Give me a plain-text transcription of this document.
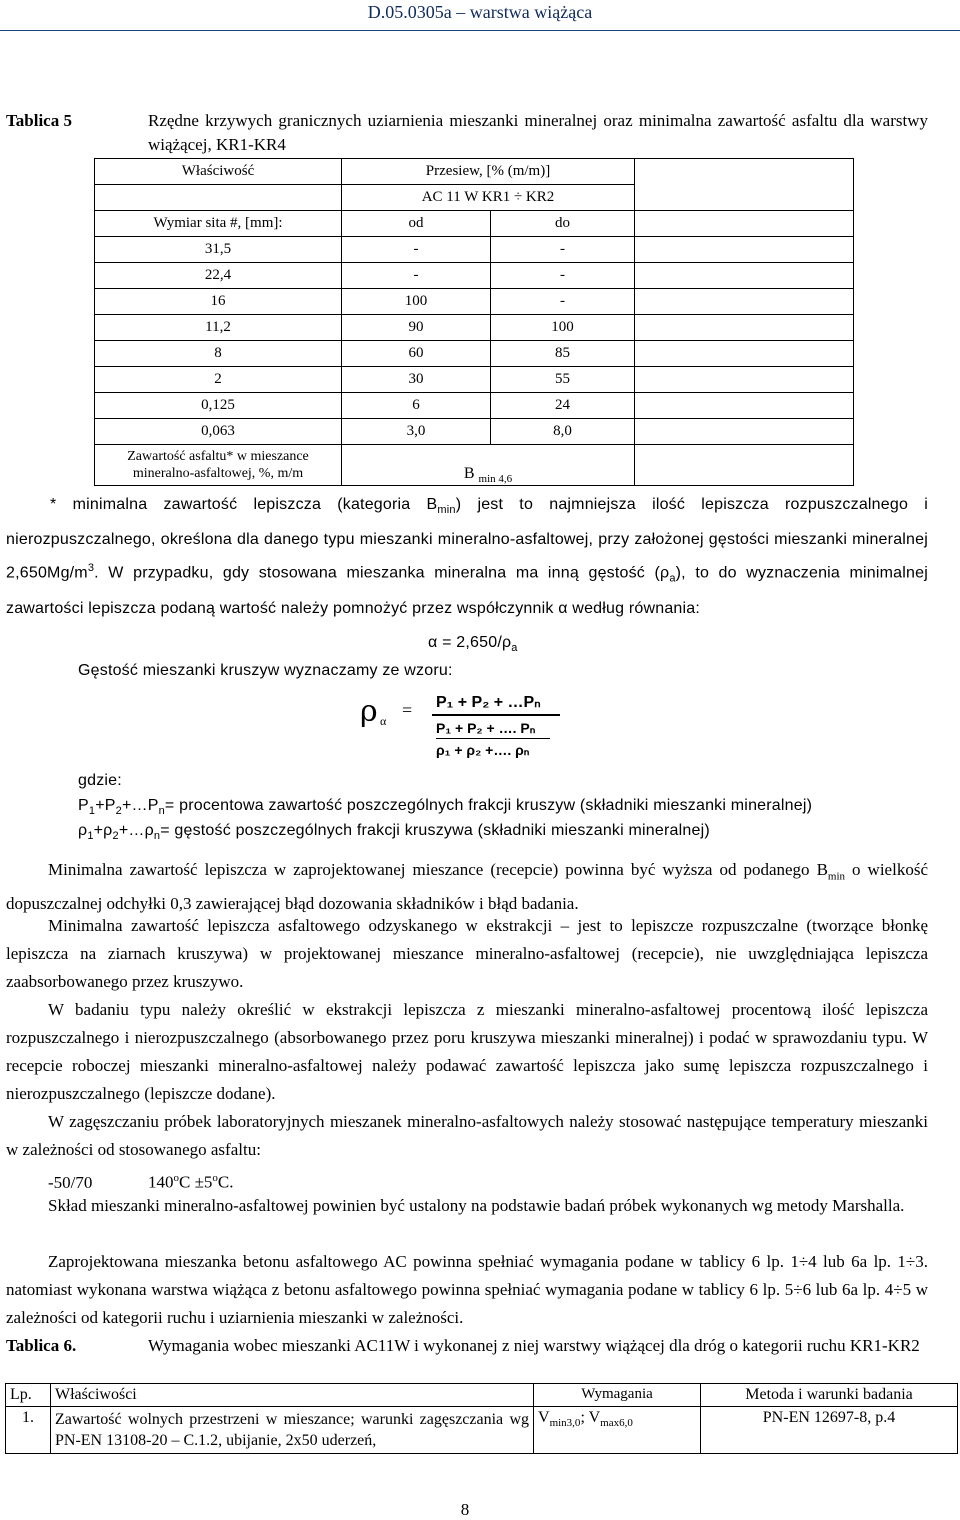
D.05.0305a – warstwa wiążąca
Tablica 5	Rzędne krzywych granicznych uziarnienia mieszanki mineralnej oraz minimalna zawartość asfaltu dla warstwy wiążącej, KR1-KR4
Właściwość	Przesiew, [% (m/m)]		
	AC 11 W KR1 ÷ KR2		
Wymiar sita #, [mm]:	od	do	
31,5	-	-	
22,4	-	-	
16	100	-	
11,2	90	100	
8	60	85	
2	30	55	
0,125	6	24	
0,063	3,0	8,0	

Zawartość asfaltu* w mieszance
mineralno-asfaltowej, %, m/m	B $_{min 4,6}$	
* minimalna zawartość lepiszcza (kategoria $B_{min}$) jest to najmniejsza ilość lepiszcza rozpuszczalnego i nierozpuszczalnego, określona dla danego typu mieszanki mineralno-asfaltowej, przy założonej gęstości mieszanki mineralnej $2,650Mg/m^3$. W przypadku, gdy stosowana mieszanka mineralna ma inną gęstość $(\rho_a)$, to do wyznaczenia minimalnej zawartości lepiszcza podaną wartość należy pomnożyć przez współczynnik α według równania:
$\alpha = 2,650/\rho_a$
Gęstość mieszanki kruszyw wyznaczamy ze wzoru:
ρ α
= P₁ + P₂ + …Pₙ
P₁ + P₂ + …. Pₙ
ρ₁ + ρ₂ +…. ρₙ
gdzie:
$P_1+P_2+\dots P_n=$ procentowa zawartość poszczególnych frakcji kruszyw (składniki mieszanki mineralnej)
$\rho_1+\rho_2+\dots\rho_n=$ gęstość poszczególnych frakcji kruszywa (składniki mieszanki mineralnej)
Minimalna zawartość lepiszcza w zaprojektowanej mieszance (recepcie) powinna być wyższa od podanego $B_{min}$ o wielkość dopuszczalnej odchyłki 0,3 zawierającej błąd dozowania składników i błąd badania.
Minimalna zawartość lepiszcza asfaltowego odzyskanego w ekstrakcji – jest to lepiszcze rozpuszczalne (tworzące błonkę lepiszcza na ziarnach kruszywa) w projektowanej mieszance mineralno-asfaltowej (recepcie), nie uwzględniająca lepiszcza zaabsorbowanego przez kruszywo.
W badaniu typu należy określić w ekstrakcji lepiszcza z mieszanki mineralno-asfaltowej procentową ilość lepiszcza rozpuszczalnego i nierozpuszczalnego (absorbowanego przez poru kruszywa mieszanki mineralnej) i podać w sprawozdaniu typu. W recepcie roboczej mieszanki mineralno-asfaltowej należy podawać zawartość lepiszcza jako sumę lepiszcza rozpuszczalnego i nierozpuszczalnego (lepiszcze dodane).
W zagęszczaniu próbek laboratoryjnych mieszanek mineralno-asfaltowych należy stosować następujące temperatury mieszanki w zależności od stosowanego asfaltu:
-50/70	$140^oC \pm 5^oC$.
Skład mieszanki mineralno-asfaltowej powinien być ustalony na podstawie badań próbek wykonanych wg metody Marshalla.
Zaprojektowana mieszanka betonu asfaltowego AC powinna spełniać wymagania podane w tablicy 6 lp. 1÷4 lub 6a lp. 1÷3. natomiast wykonana warstwa wiążąca z betonu asfaltowego powinna spełniać wymagania podane w tablicy 6 lp. 5÷6 lub 6a lp. 4÷5 w zależności od kategorii ruchu i uziarnienia mieszanki w zależności.
Tablica 6.	Wymagania wobec mieszanki AC11W i wykonanej z niej warstwy wiążącej dla dróg o kategorii ruchu KR1-KR2
Lp.	Właściwości	Wymagania	Metoda i warunki badania
1.	Zawartość wolnych przestrzeni w mieszance; warunki zagęszczania wg PN-EN 13108-20 – C.1.2, ubijanie, 2x50 uderzeń,	$V_{min3,0}$; $V_{max6,0}$	PN-EN 12697-8, p.4
8
